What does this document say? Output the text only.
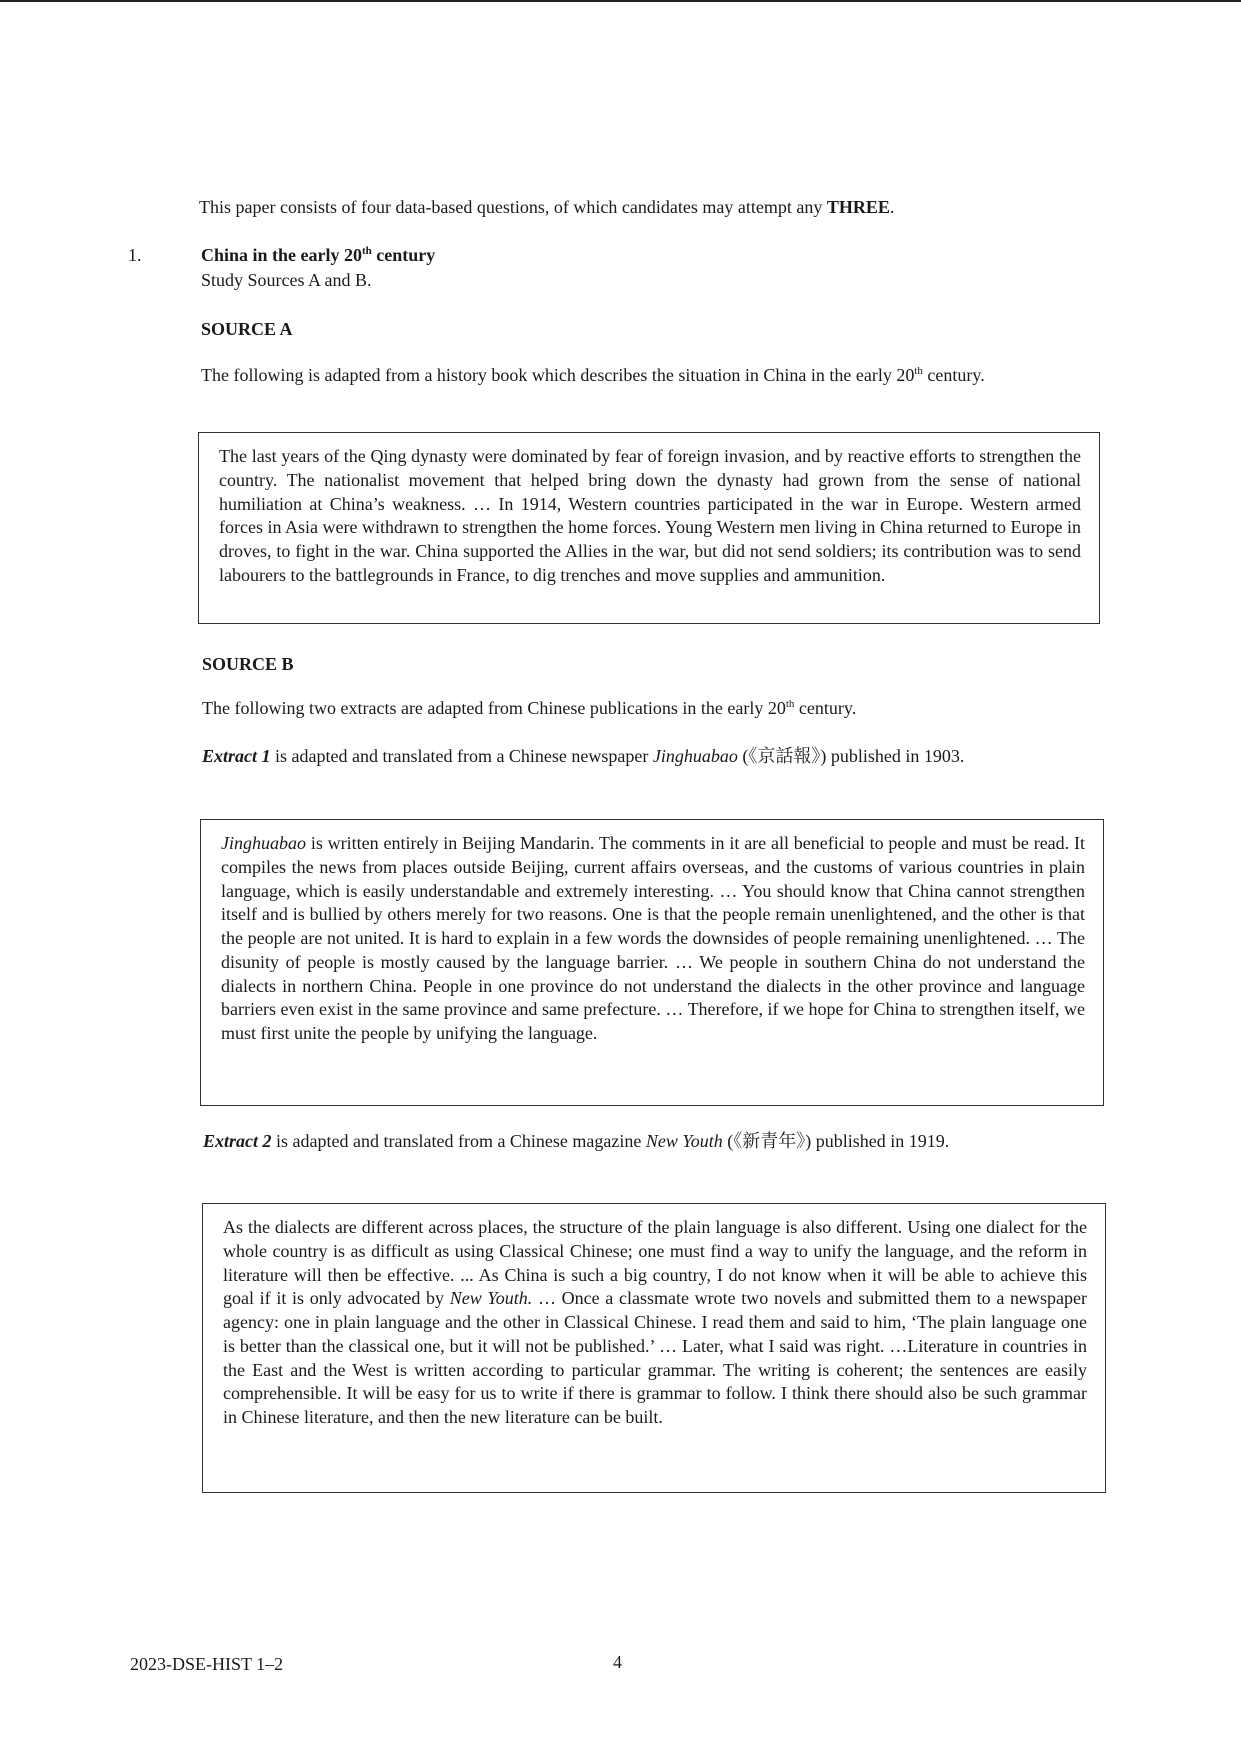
This paper consists of four data-based questions, of which candidates may attempt any THREE.
1.	China in the early 20th century
Study Sources A and B.
SOURCE A
The following is adapted from a history book which describes the situation in China in the early 20th century.
The last years of the Qing dynasty were dominated by fear of foreign invasion, and by reactive efforts to strengthen the country. The nationalist movement that helped bring down the dynasty had grown from the sense of national humiliation at China’s weakness. … In 1914, Western countries participated in the war in Europe. Western armed forces in Asia were withdrawn to strengthen the home forces. Young Western men living in China returned to Europe in droves, to fight in the war. China supported the Allies in the war, but did not send soldiers; its contribution was to send labourers to the battlegrounds in France, to dig trenches and move supplies and ammunition.
SOURCE B
The following two extracts are adapted from Chinese publications in the early 20th century.
Extract 1 is adapted and translated from a Chinese newspaper Jinghuabao (《京話報》) published in 1903.
Jinghuabao is written entirely in Beijing Mandarin. The comments in it are all beneficial to people and must be read. It compiles the news from places outside Beijing, current affairs overseas, and the customs of various countries in plain language, which is easily understandable and extremely interesting. … You should know that China cannot strengthen itself and is bullied by others merely for two reasons. One is that the people remain unenlightened, and the other is that the people are not united. It is hard to explain in a few words the downsides of people remaining unenlightened. … The disunity of people is mostly caused by the language barrier. … We people in southern China do not understand the dialects in northern China. People in one province do not understand the dialects in the other province and language barriers even exist in the same province and same prefecture. … Therefore, if we hope for China to strengthen itself, we must first unite the people by unifying the language.
Extract 2 is adapted and translated from a Chinese magazine New Youth (《新青年》) published in 1919.
As the dialects are different across places, the structure of the plain language is also different. Using one dialect for the whole country is as difficult as using Classical Chinese; one must find a way to unify the language, and the reform in literature will then be effective. ... As China is such a big country, I do not know when it will be able to achieve this goal if it is only advocated by New Youth. … Once a classmate wrote two novels and submitted them to a newspaper agency: one in plain language and the other in Classical Chinese. I read them and said to him, ‘The plain language one is better than the classical one, but it will not be published.’ … Later, what I said was right. …Literature in countries in the East and the West is written according to particular grammar. The writing is coherent; the sentences are easily comprehensible. It will be easy for us to write if there is grammar to follow. I think there should also be such grammar in Chinese literature, and then the new literature can be built.
2023-DSE-HIST 1–2	4
